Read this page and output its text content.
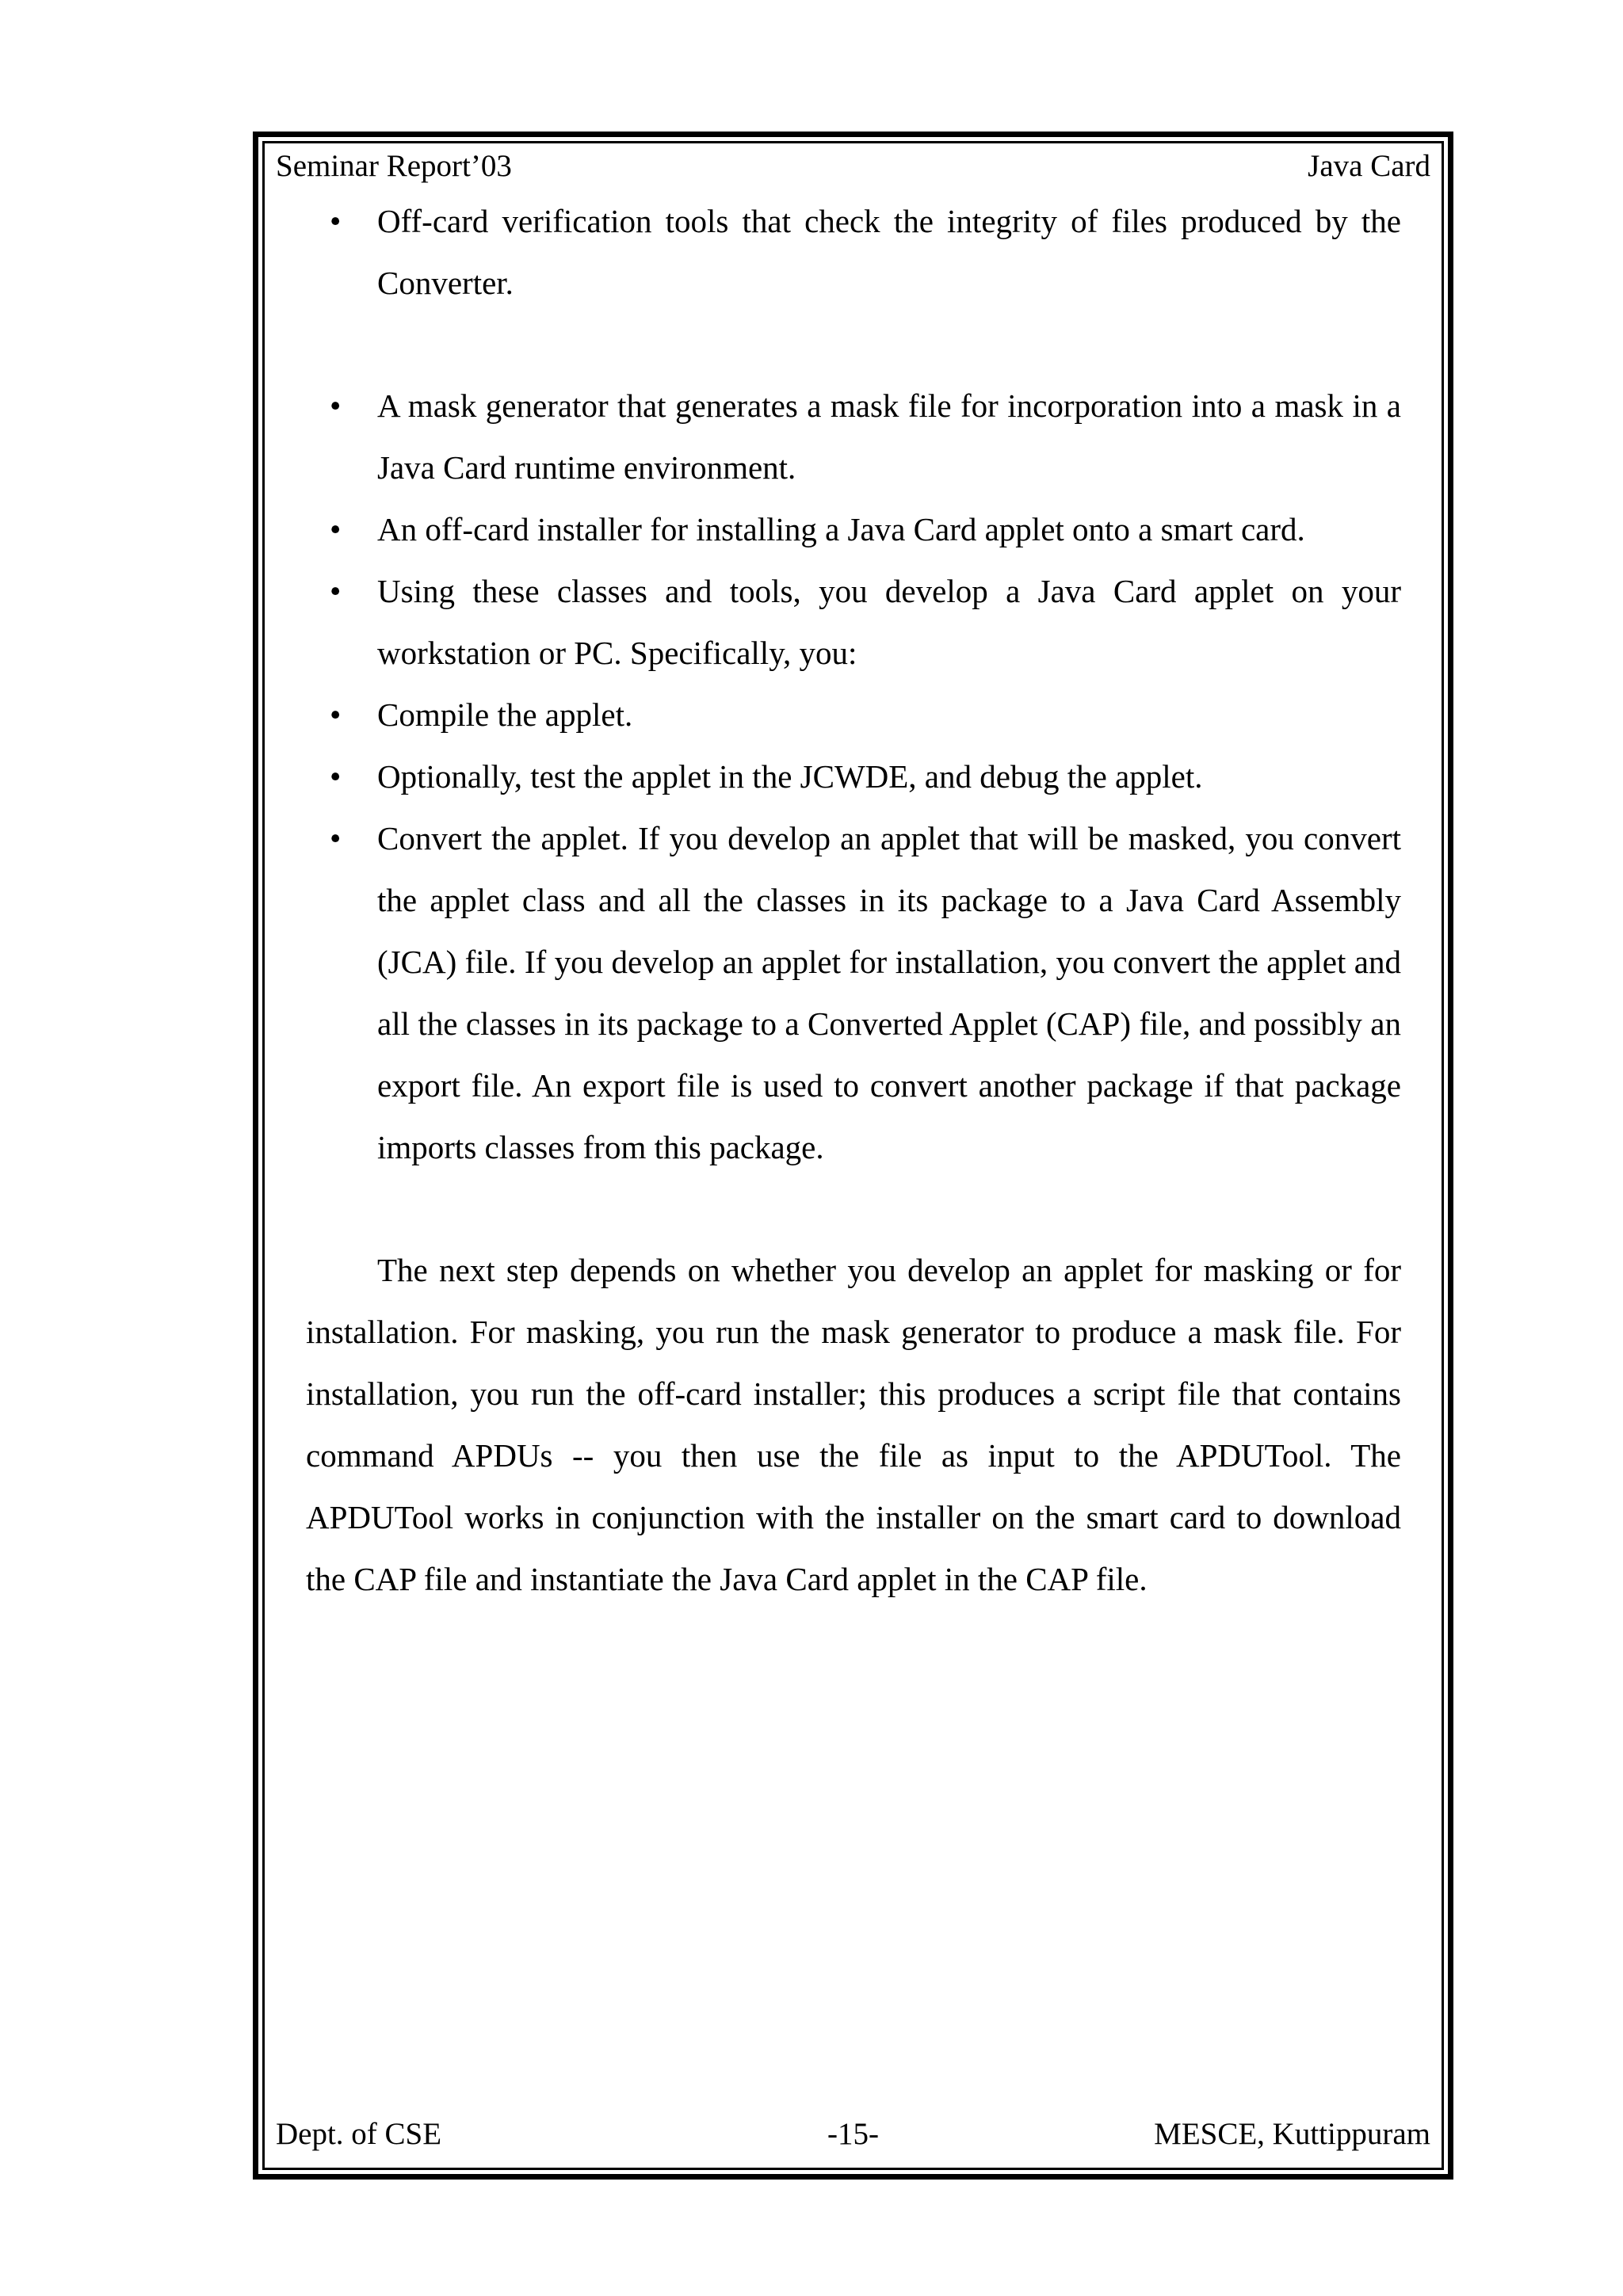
Seminar Report’03	Java Card
• Off-card verification tools that check the integrity of files produced by the Converter.
• A mask generator that generates a mask file for incorporation into a mask in a Java Card runtime environment.
• An off-card installer for installing a Java Card applet onto a smart card.
• Using these classes and tools, you develop a Java Card applet on your workstation or PC. Specifically, you:
• Compile the applet.
• Optionally, test the applet in the JCWDE, and debug the applet.
• Convert the applet. If you develop an applet that will be masked, you convert the applet class and all the classes in its package to a Java Card Assembly (JCA) file. If you develop an applet for installation, you convert the applet and all the classes in its package to a Converted Applet (CAP) file, and possibly an export file. An export file is used to convert another package if that package imports classes from this package.

The next step depends on whether you develop an applet for masking or for installation. For masking, you run the mask generator to produce a mask file. For installation, you run the off-card installer; this produces a script file that contains command APDUs -- you then use the file as input to the APDUTool. The APDUTool works in conjunction with the installer on the smart card to download the CAP file and instantiate the Java Card applet in the CAP file.

Dept. of CSE	-15-	MESCE, Kuttippuram
